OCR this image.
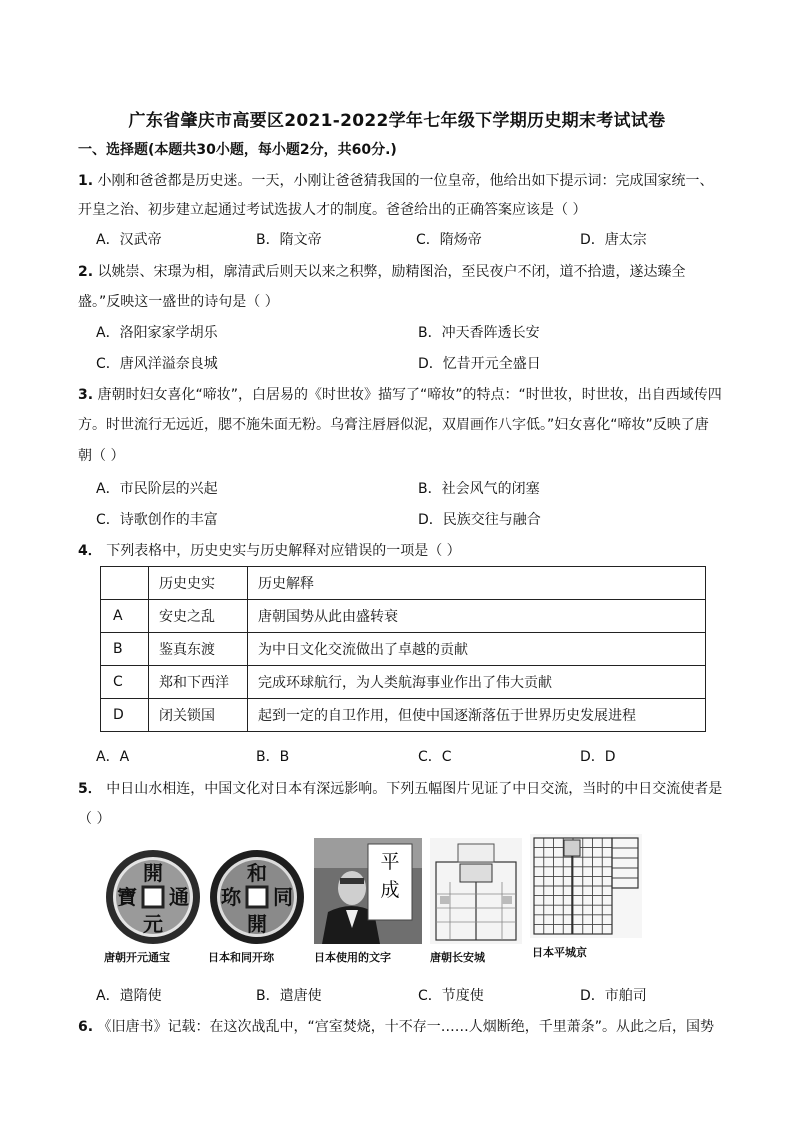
广东省肇庆市高要区2021-2022学年七年级下学期历史期末考试试卷
一、选择题(本题共30小题，每小题2分，共60分.)
1. 小刚和爸爸都是历史迷。一天，小刚让爸爸猜我国的一位皇帝，他给出如下提示词：完成国家统一、
开皇之治、初步建立起通过考试选拔人才的制度。爸爸给出的正确答案应该是（ ）
A．汉武帝	B．隋文帝	C．隋炀帝	D．唐太宗
2. 以姚崇、宋璟为相，廓清武后则天以来之积弊，励精图治，至民夜户不闭，道不拾遗，遂达臻全
盛。”反映这一盛世的诗句是（ ）
A．洛阳家家学胡乐	B．冲天香阵透长安
C．唐风洋溢奈良城	D．忆昔开元全盛日
3. 唐朝时妇女喜化“啼妆”，白居易的《时世妆》描写了“啼妆”的特点：“时世妆，时世妆，出自西域传四
方。时世流行无远近，腮不施朱面无粉。乌膏注唇唇似泥，双眉画作八字低。”妇女喜化“啼妆”反映了唐
朝（ ）
A．市民阶层的兴起	B．社会风气的闭塞
C．诗歌创作的丰富	D．民族交往与融合
4． 下列表格中，历史史实与历史解释对应错误的一项是（ ）
	历史史实	历史解释
A	安史之乱	唐朝国势从此由盛转衰
B	鉴真东渡	为中日文化交流做出了卓越的贡献
C	郑和下西洋	完成环球航行，为人类航海事业作出了伟大贡献
D	闭关锁国	起到一定的自卫作用，但使中国逐渐落伍于世界历史发展进程
A．A	B．B	C．C	D．D
5． 中日山水相连，中国文化对日本有深远影响。下列五幅图片见证了中日交流，当时的中日交流使者是
（ ）
開
元
通
寶
唐朝开元通宝
和
同
開
珎
日本和同开珎
平
成
日本使用的文字	唐朝长安城	日本平城京
A．遣隋使	B．遣唐使	C．节度使	D．市舶司
6. 《旧唐书》记载：在这次战乱中，“宫室焚烧，十不存一……人烟断绝，千里萧条”。从此之后，国势
